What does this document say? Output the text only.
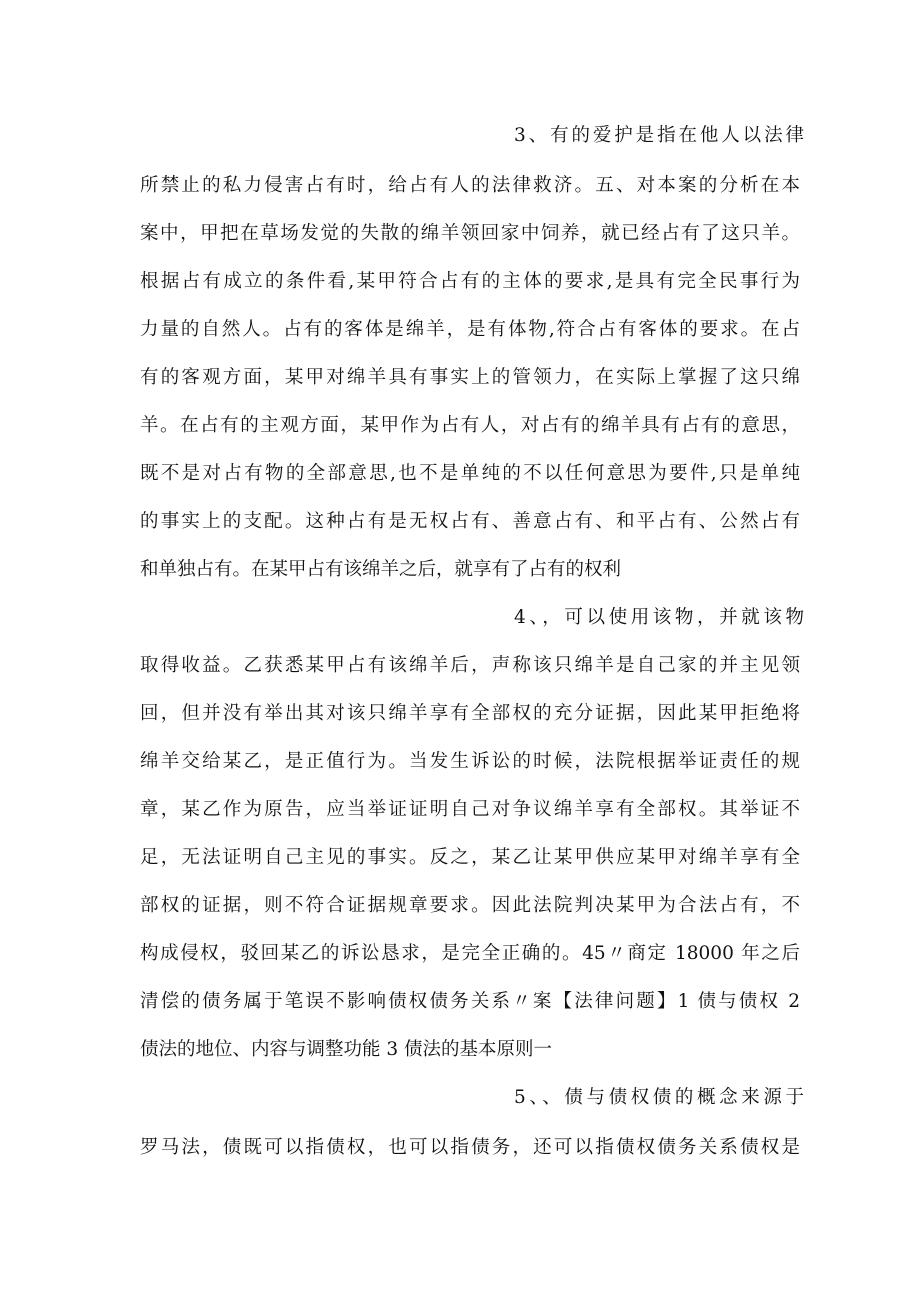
3、有的爱护是指在他人以法律
所禁止的私力侵害占有时，给占有人的法律救济。五、对本案的分析在本
案中，甲把在草场发觉的失散的绵羊领回家中饲养，就已经占有了这只羊。
根据占有成立的条件看,某甲符合占有的主体的要求,是具有完全民事行为
力量的自然人。占有的客体是绵羊，是有体物,符合占有客体的要求。在占
有的客观方面，某甲对绵羊具有事实上的管领力，在实际上掌握了这只绵
羊。在占有的主观方面，某甲作为占有人，对占有的绵羊具有占有的意思，
既不是对占有物的全部意思,也不是单纯的不以任何意思为要件,只是单纯
的事实上的支配。这种占有是无权占有、善意占有、和平占有、公然占有
和单独占有。在某甲占有该绵羊之后，就享有了占有的权利
4、，可以使用该物，并就该物
取得收益。乙获悉某甲占有该绵羊后，声称该只绵羊是自己家的并主见领
回，但并没有举出其对该只绵羊享有全部权的充分证据，因此某甲拒绝将
绵羊交给某乙，是正值行为。当发生诉讼的时候，法院根据举证责任的规
章，某乙作为原告，应当举证证明自己对争议绵羊享有全部权。其举证不
足，无法证明自己主见的事实。反之，某乙让某甲供应某甲对绵羊享有全
部权的证据，则不符合证据规章要求。因此法院判决某甲为合法占有，不
构成侵权，驳回某乙的诉讼恳求，是完全正确的。45〃商定 18000 年之后
清偿的债务属于笔误不影响债权债务关系〃案【法律问题】1 债与债权 2
债法的地位、内容与调整功能 3 债法的基本原则一
5、、债与债权债的概念来源于
罗马法，债既可以指债权，也可以指债务，还可以指债权债务关系债权是
